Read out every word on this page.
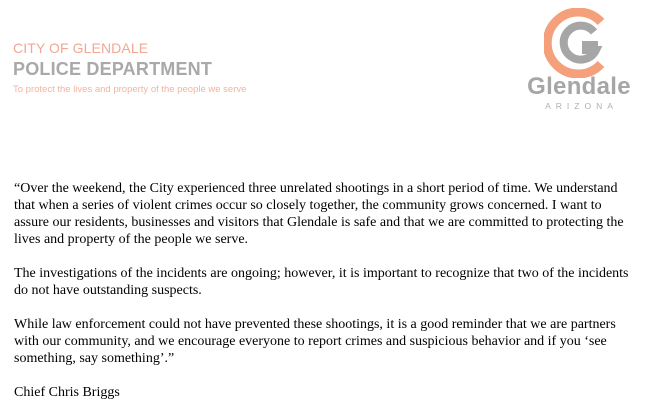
CITY OF GLENDALE
POLICE DEPARTMENT
To protect the lives and property of the people we serve	Glendale
ARIZONA

“Over the weekend, the City experienced three unrelated shootings in a short period of time. We understand that when a series of violent crimes occur so closely together, the community grows concerned. I want to assure our residents, businesses and visitors that Glendale is safe and that we are committed to protecting the lives and property of the people we serve.

The investigations of the incidents are ongoing; however, it is important to recognize that two of the incidents do not have outstanding suspects.

While law enforcement could not have prevented these shootings, it is a good reminder that we are partners with our community, and we encourage everyone to report crimes and suspicious behavior and if you ‘see something, say something’.”

Chief Chris Briggs
